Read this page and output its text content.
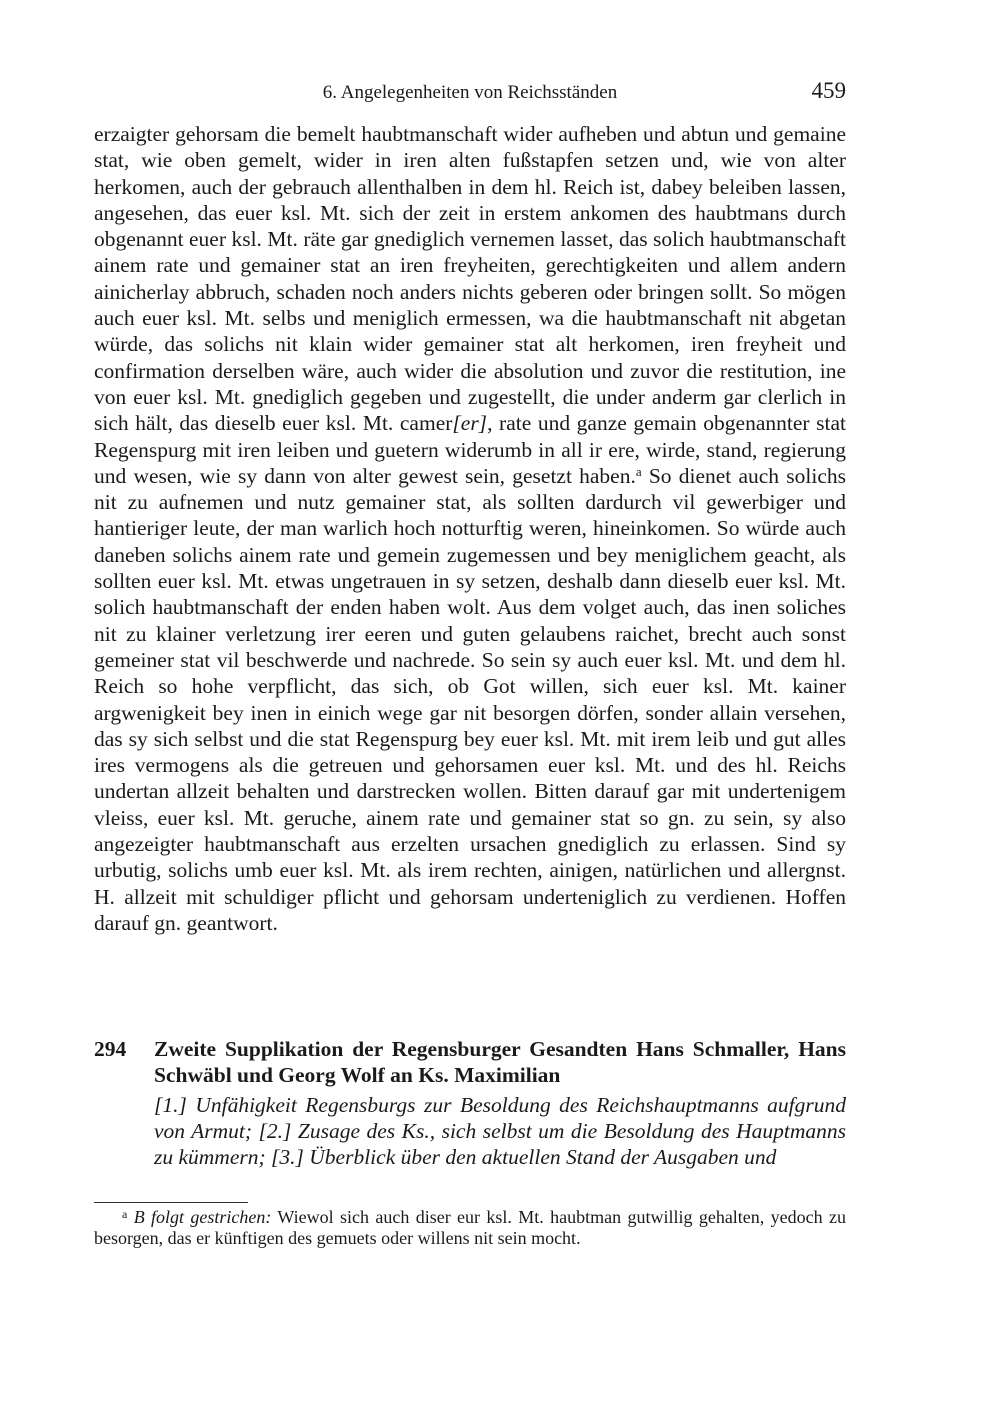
6. Angelegenheiten von Reichsständen	459

erzaigter gehorsam die bemelt haubtmanschaft wider aufheben und abtun und gemaine stat, wie oben gemelt, wider in iren alten fußstapfen setzen und, wie von alter herkomen, auch der gebrauch allenthalben in dem hl. Reich ist, dabey beleiben lassen, angesehen, das euer ksl. Mt. sich der zeit in erstem ankomen des haubtmans durch obgenannt euer ksl. Mt. räte gar gnediglich vernemen lasset, das solich haubtmanschaft ainem rate und gemainer stat an iren freyheiten, gerechtigkeiten und allem andern ainicherlay abbruch, schaden noch anders nichts geberen oder bringen sollt. So mögen auch euer ksl. Mt. selbs und meniglich ermessen, wa die haubtmanschaft nit abgetan würde, das solichs nit klain wider gemainer stat alt herkomen, iren freyheit und confirmation derselben wäre, auch wider die absolution und zuvor die restitution, ine von euer ksl. Mt. gnediglich gegeben und zugestellt, die under anderm gar clerlich in sich hält, das dieselb euer ksl. Mt. camer[er], rate und ganze gemain obgenannter stat Regenspurg mit iren leiben und guetern widerumb in all ir ere, wirde, stand, regierung und wesen, wie sy dann von alter gewest sein, gesetzt haben.$^a$ So dienet auch solichs nit zu aufnemen und nutz gemainer stat, als sollten dardurch vil gewerbiger und hantieriger leute, der man warlich hoch notturftig weren, hineinkomen. So würde auch daneben solichs ainem rate und gemein zugemessen und bey meniglichem geacht, als sollten euer ksl. Mt. etwas ungetrauen in sy setzen, deshalb dann dieselb euer ksl. Mt. solich haubtmanschaft der enden haben wolt. Aus dem volget auch, das inen soliches nit zu klainer verletzung irer eeren und guten gelaubens raichet, brecht auch sonst gemeiner stat vil beschwerde und nachrede. So sein sy auch euer ksl. Mt. und dem hl. Reich so hohe verpflicht, das sich, ob Got willen, sich euer ksl. Mt. kainer argwenigkeit bey inen in einich wege gar nit besorgen dörfen, sonder allain versehen, das sy sich selbst und die stat Regenspurg bey euer ksl. Mt. mit irem leib und gut alles ires vermogens als die getreuen und gehorsamen euer ksl. Mt. und des hl. Reichs undertan allzeit behalten und darstrecken wollen. Bitten darauf gar mit undertenigem vleiss, euer ksl. Mt. geruche, ainem rate und gemainer stat so gn. zu sein, sy also angezeigter haubtmanschaft aus erzelten ursachen gnediglich zu erlassen. Sind sy urbutig, solichs umb euer ksl. Mt. als irem rechten, ainigen, natürlichen und allergnst. H. allzeit mit schuldiger pflicht und gehorsam underteniglich zu verdienen. Hoffen darauf gn. geantwort.

294	Zweite Supplikation der Regensburger Gesandten Hans Schmaller, Hans Schwäbl und Georg Wolf an Ks. Maximilian
[1.] Unfähigkeit Regensburgs zur Besoldung des Reichshauptmanns aufgrund von Armut; [2.] Zusage des Ks., sich selbst um die Besoldung des Hauptmanns zu kümmern; [3.] Überblick über den aktuellen Stand der Ausgaben und
$^a$ B folgt gestrichen: Wiewol sich auch diser eur ksl. Mt. haubtman gutwillig gehalten, yedoch zu besorgen, das er künftigen des gemuets oder willens nit sein mocht.
